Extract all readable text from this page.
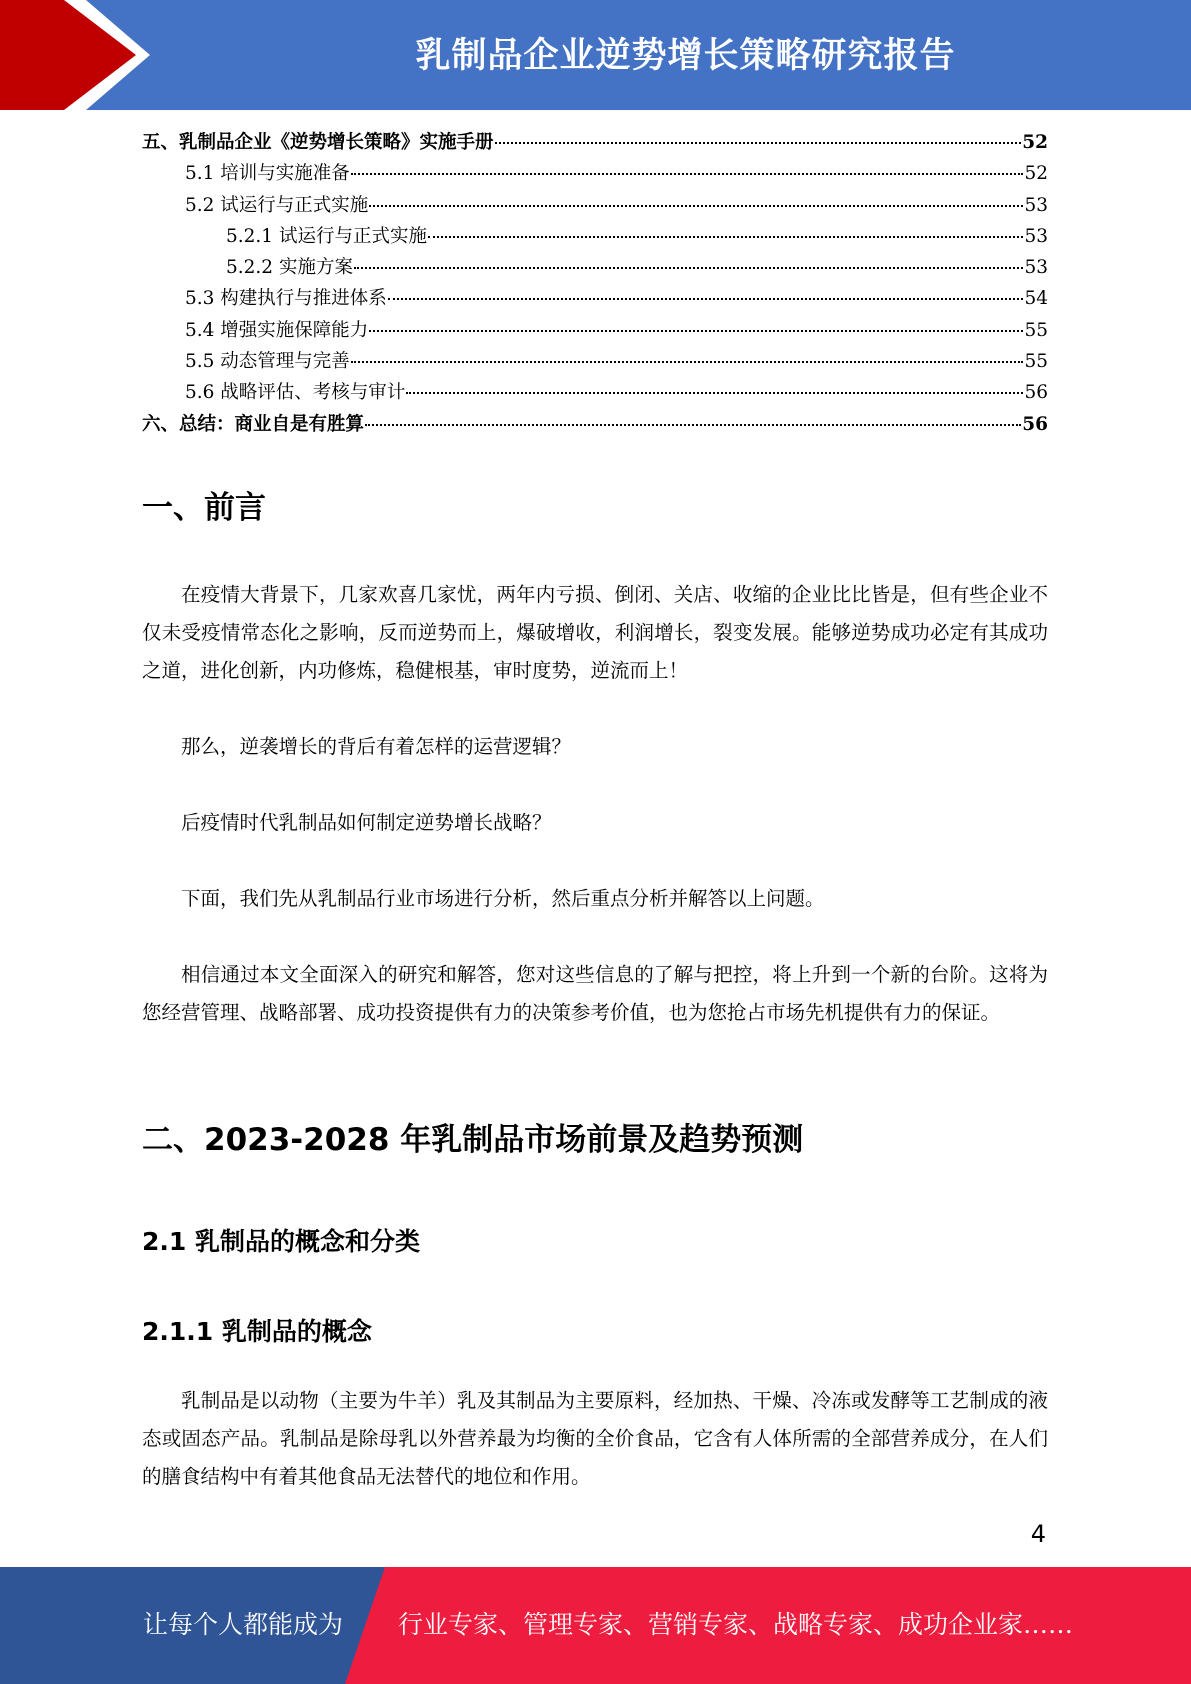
乳制品企业逆势增长策略研究报告
五、乳制品企业《逆势增长策略》实施手册	52
5.1 培训与实施准备	52
5.2 试运行与正式实施	53
5.2.1 试运行与正式实施	53
5.2.2 实施方案	53
5.3 构建执行与推进体系	54
5.4 增强实施保障能力	55
5.5 动态管理与完善	55
5.6 战略评估、考核与审计	56
六、总结：商业自是有胜算	56
一、前言

在疫情大背景下，几家欢喜几家忧，两年内亏损、倒闭、关店、收缩的企业比比皆是，但有些企业不仅未受疫情常态化之影响，反而逆势而上，爆破增收，利润增长，裂变发展。能够逆势成功必定有其成功之道，进化创新，内功修炼，稳健根基，审时度势，逆流而上！

那么，逆袭增长的背后有着怎样的运营逻辑？

后疫情时代乳制品如何制定逆势增长战略？

下面，我们先从乳制品行业市场进行分析，然后重点分析并解答以上问题。

相信通过本文全面深入的研究和解答，您对这些信息的了解与把控，将上升到一个新的台阶。这将为您经营管理、战略部署、成功投资提供有力的决策参考价值，也为您抢占市场先机提供有力的保证。

二、2023-2028 年乳制品市场前景及趋势预测
2.1 乳制品的概念和分类
2.1.1 乳制品的概念

乳制品是以动物（主要为牛羊）乳及其制品为主要原料，经加热、干燥、冷冻或发酵等工艺制成的液态或固态产品。乳制品是除母乳以外营养最为均衡的全价食品，它含有人体所需的全部营养成分，在人们的膳食结构中有着其他食品无法替代的地位和作用。

4
让每个人都能成为 行业专家、管理专家、营销专家、战略专家、成功企业家……
